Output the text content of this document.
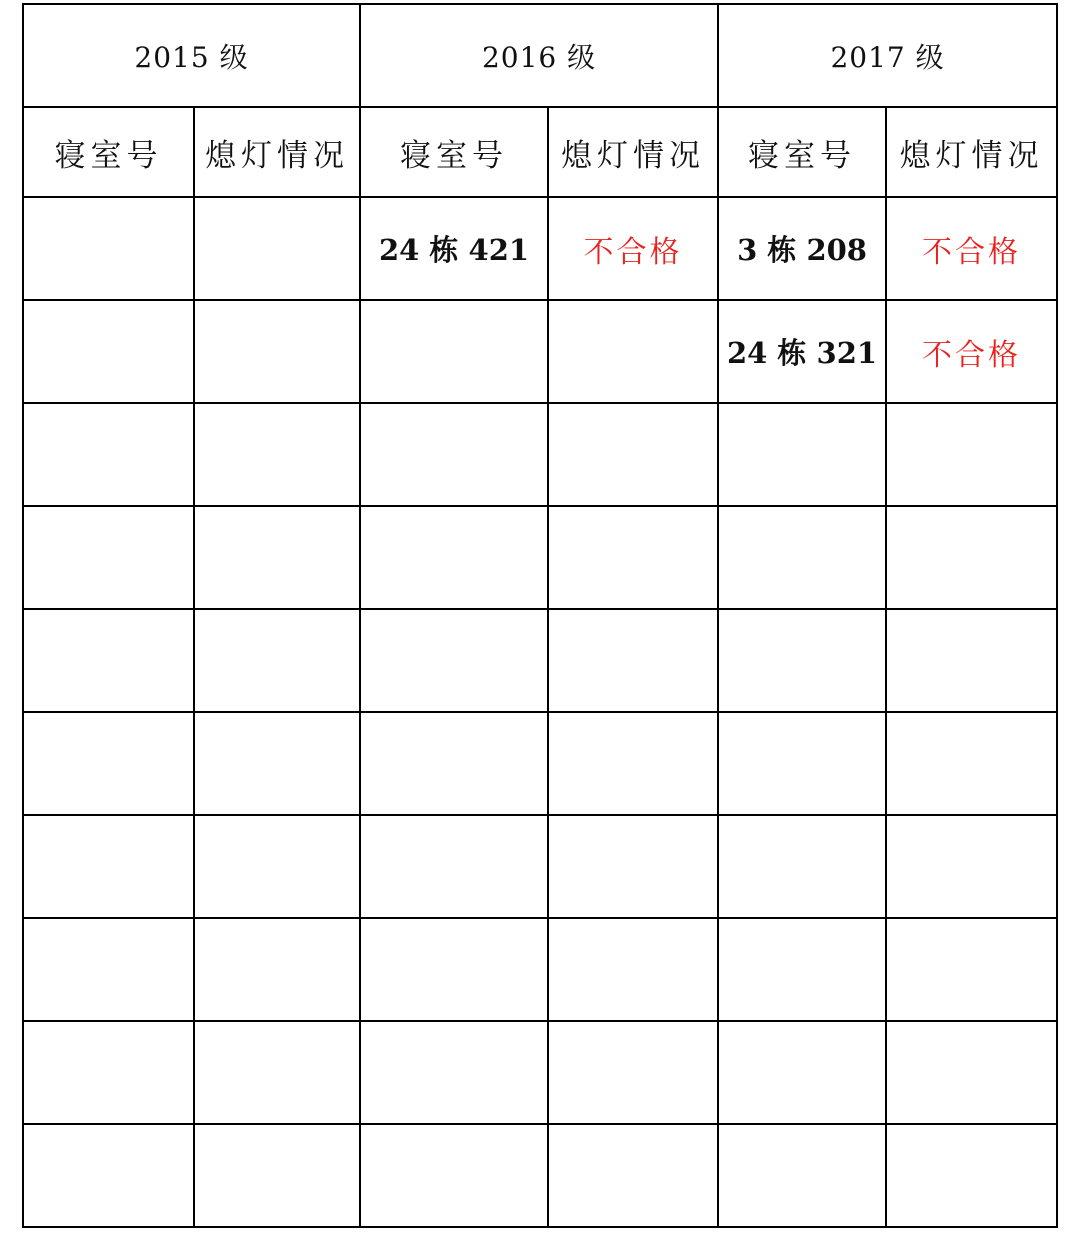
2015 级		2016 级		2017 级	
寝室号	熄灯情况	寝室号	熄灯情况	寝室号	熄灯情况
		24 栋 421	不合格	3 栋 208	不合格
				24 栋 321	不合格
